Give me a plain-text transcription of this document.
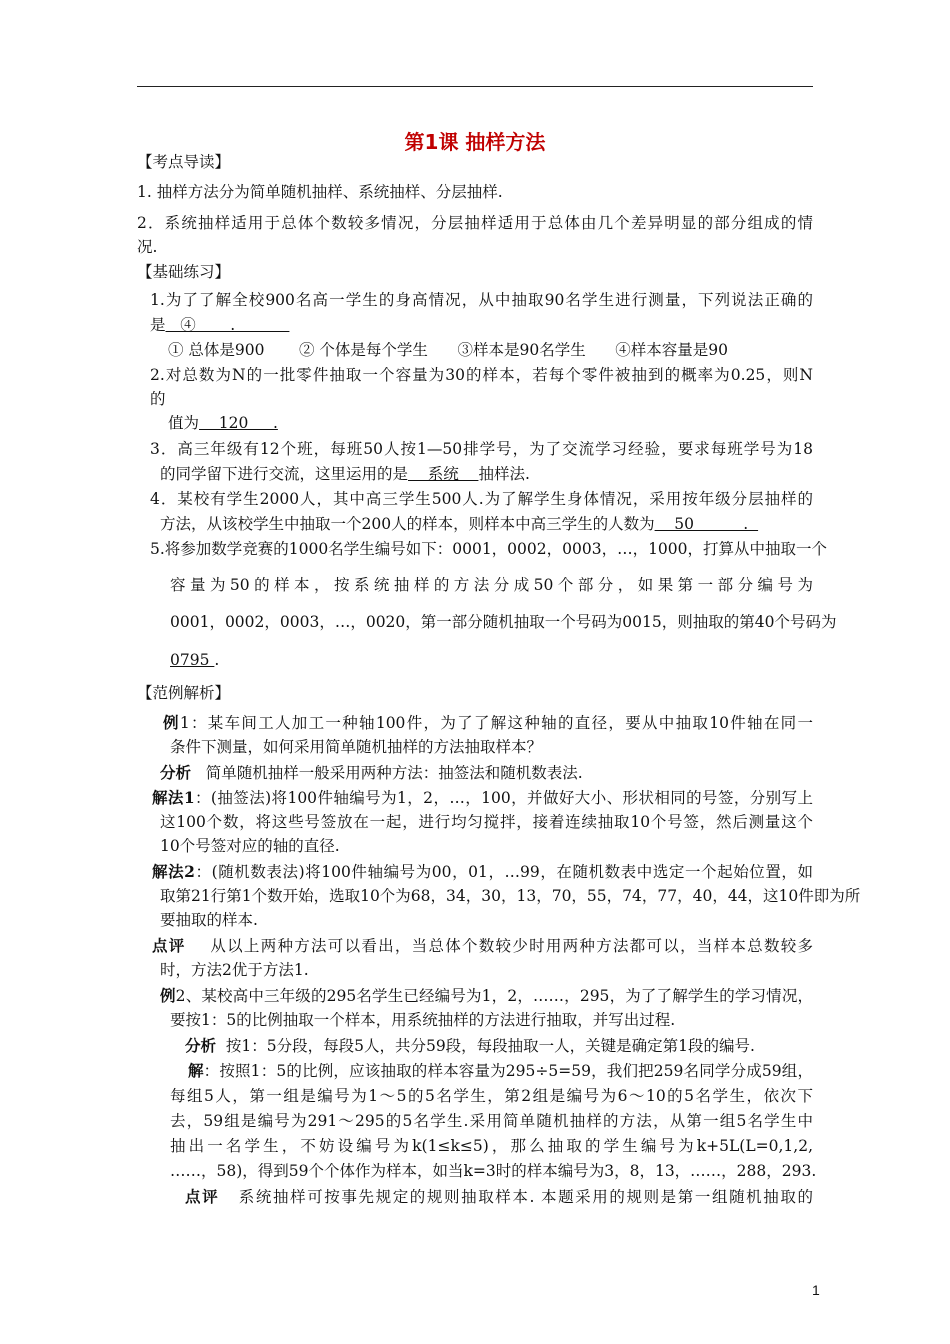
第1课 抽样方法
【考点导读】
1. 抽样方法分为简单随机抽样、系统抽样、分层抽样.
2．系统抽样适用于总体个数较多情况，分层抽样适用于总体由几个差异明显的部分组成的情
况.
【基础练习】
1.为了了解全校900名高一学生的身高情况，从中抽取90名学生进行测量，下列说法正确的
是   ④       .
① 总体是900       ② 个体是每个学生      ③样本是90名学生      ④样本容量是90
2.对总数为N的一批零件抽取一个容量为30的样本，若每个零件被抽到的概率为0.25，则N
的
值为    120     .
3．高三年级有12个班，每班50人按1—50排学号，为了交流学习经验，要求每班学号为18
的同学留下进行交流，这里运用的是    系统    抽样法.
4．某校有学生2000人，其中高三学生500人.为了解学生身体情况，采用按年级分层抽样的
方法，从该校学生中抽取一个200人的样本，则样本中高三学生的人数为    50          .
5.将参加数学竞赛的1000名学生编号如下：0001，0002，0003，…，1000，打算从中抽取一个
容量为50的样本，按系统抽样的方法分成50个部分，如果第一部分编号为
0001，0002，0003，…，0020，第一部分随机抽取一个号码为0015，则抽取的第40个号码为
0795 .
【范例解析】
例1：某车间工人加工一种轴100件，为了了解这种轴的直径，要从中抽取10件轴在同一
条件下测量，如何采用简单随机抽样的方法抽取样本？
分析   简单随机抽样一般采用两种方法：抽签法和随机数表法.
解法1：(抽签法)将100件轴编号为1，2，…，100，并做好大小、形状相同的号签，分别写上
这100个数，将这些号签放在一起，进行均匀搅拌，接着连续抽取10个号签，然后测量这个
10个号签对应的轴的直径.
解法2：(随机数表法)将100件轴编号为00，01，…99，在随机数表中选定一个起始位置，如
取第21行第1个数开始，选取10个为68，34，30，13，70，55，74，77，40，44，这10件即为所
要抽取的样本.
点评    从以上两种方法可以看出，当总体个数较少时用两种方法都可以，当样本总数较多
时，方法2优于方法1.
例2、某校高中三年级的295名学生已经编号为1，2，……，295，为了了解学生的学习情况，
要按1：5的比例抽取一个样本，用系统抽样的方法进行抽取，并写出过程.
分析  按1：5分段，每段5人，共分59段，每段抽取一人，关键是确定第1段的编号.
解：按照1：5的比例，应该抽取的样本容量为295÷5=59，我们把259名同学分成59组，
每组5人，第一组是编号为1～5的5名学生，第2组是编号为6～10的5名学生，依次下
去，59组是编号为291～295的5名学生.采用简单随机抽样的方法，从第一组5名学生中
抽出一名学生，不妨设编号为k(1≤k≤5)，那么抽取的学生编号为k+5L(L=0,1,2,
……，58)，得到59个个体作为样本，如当k=3时的样本编号为3，8，13，……，288，293.
点评   系统抽样可按事先规定的规则抽取样本. 本题采用的规则是第一组随机抽取的
1
